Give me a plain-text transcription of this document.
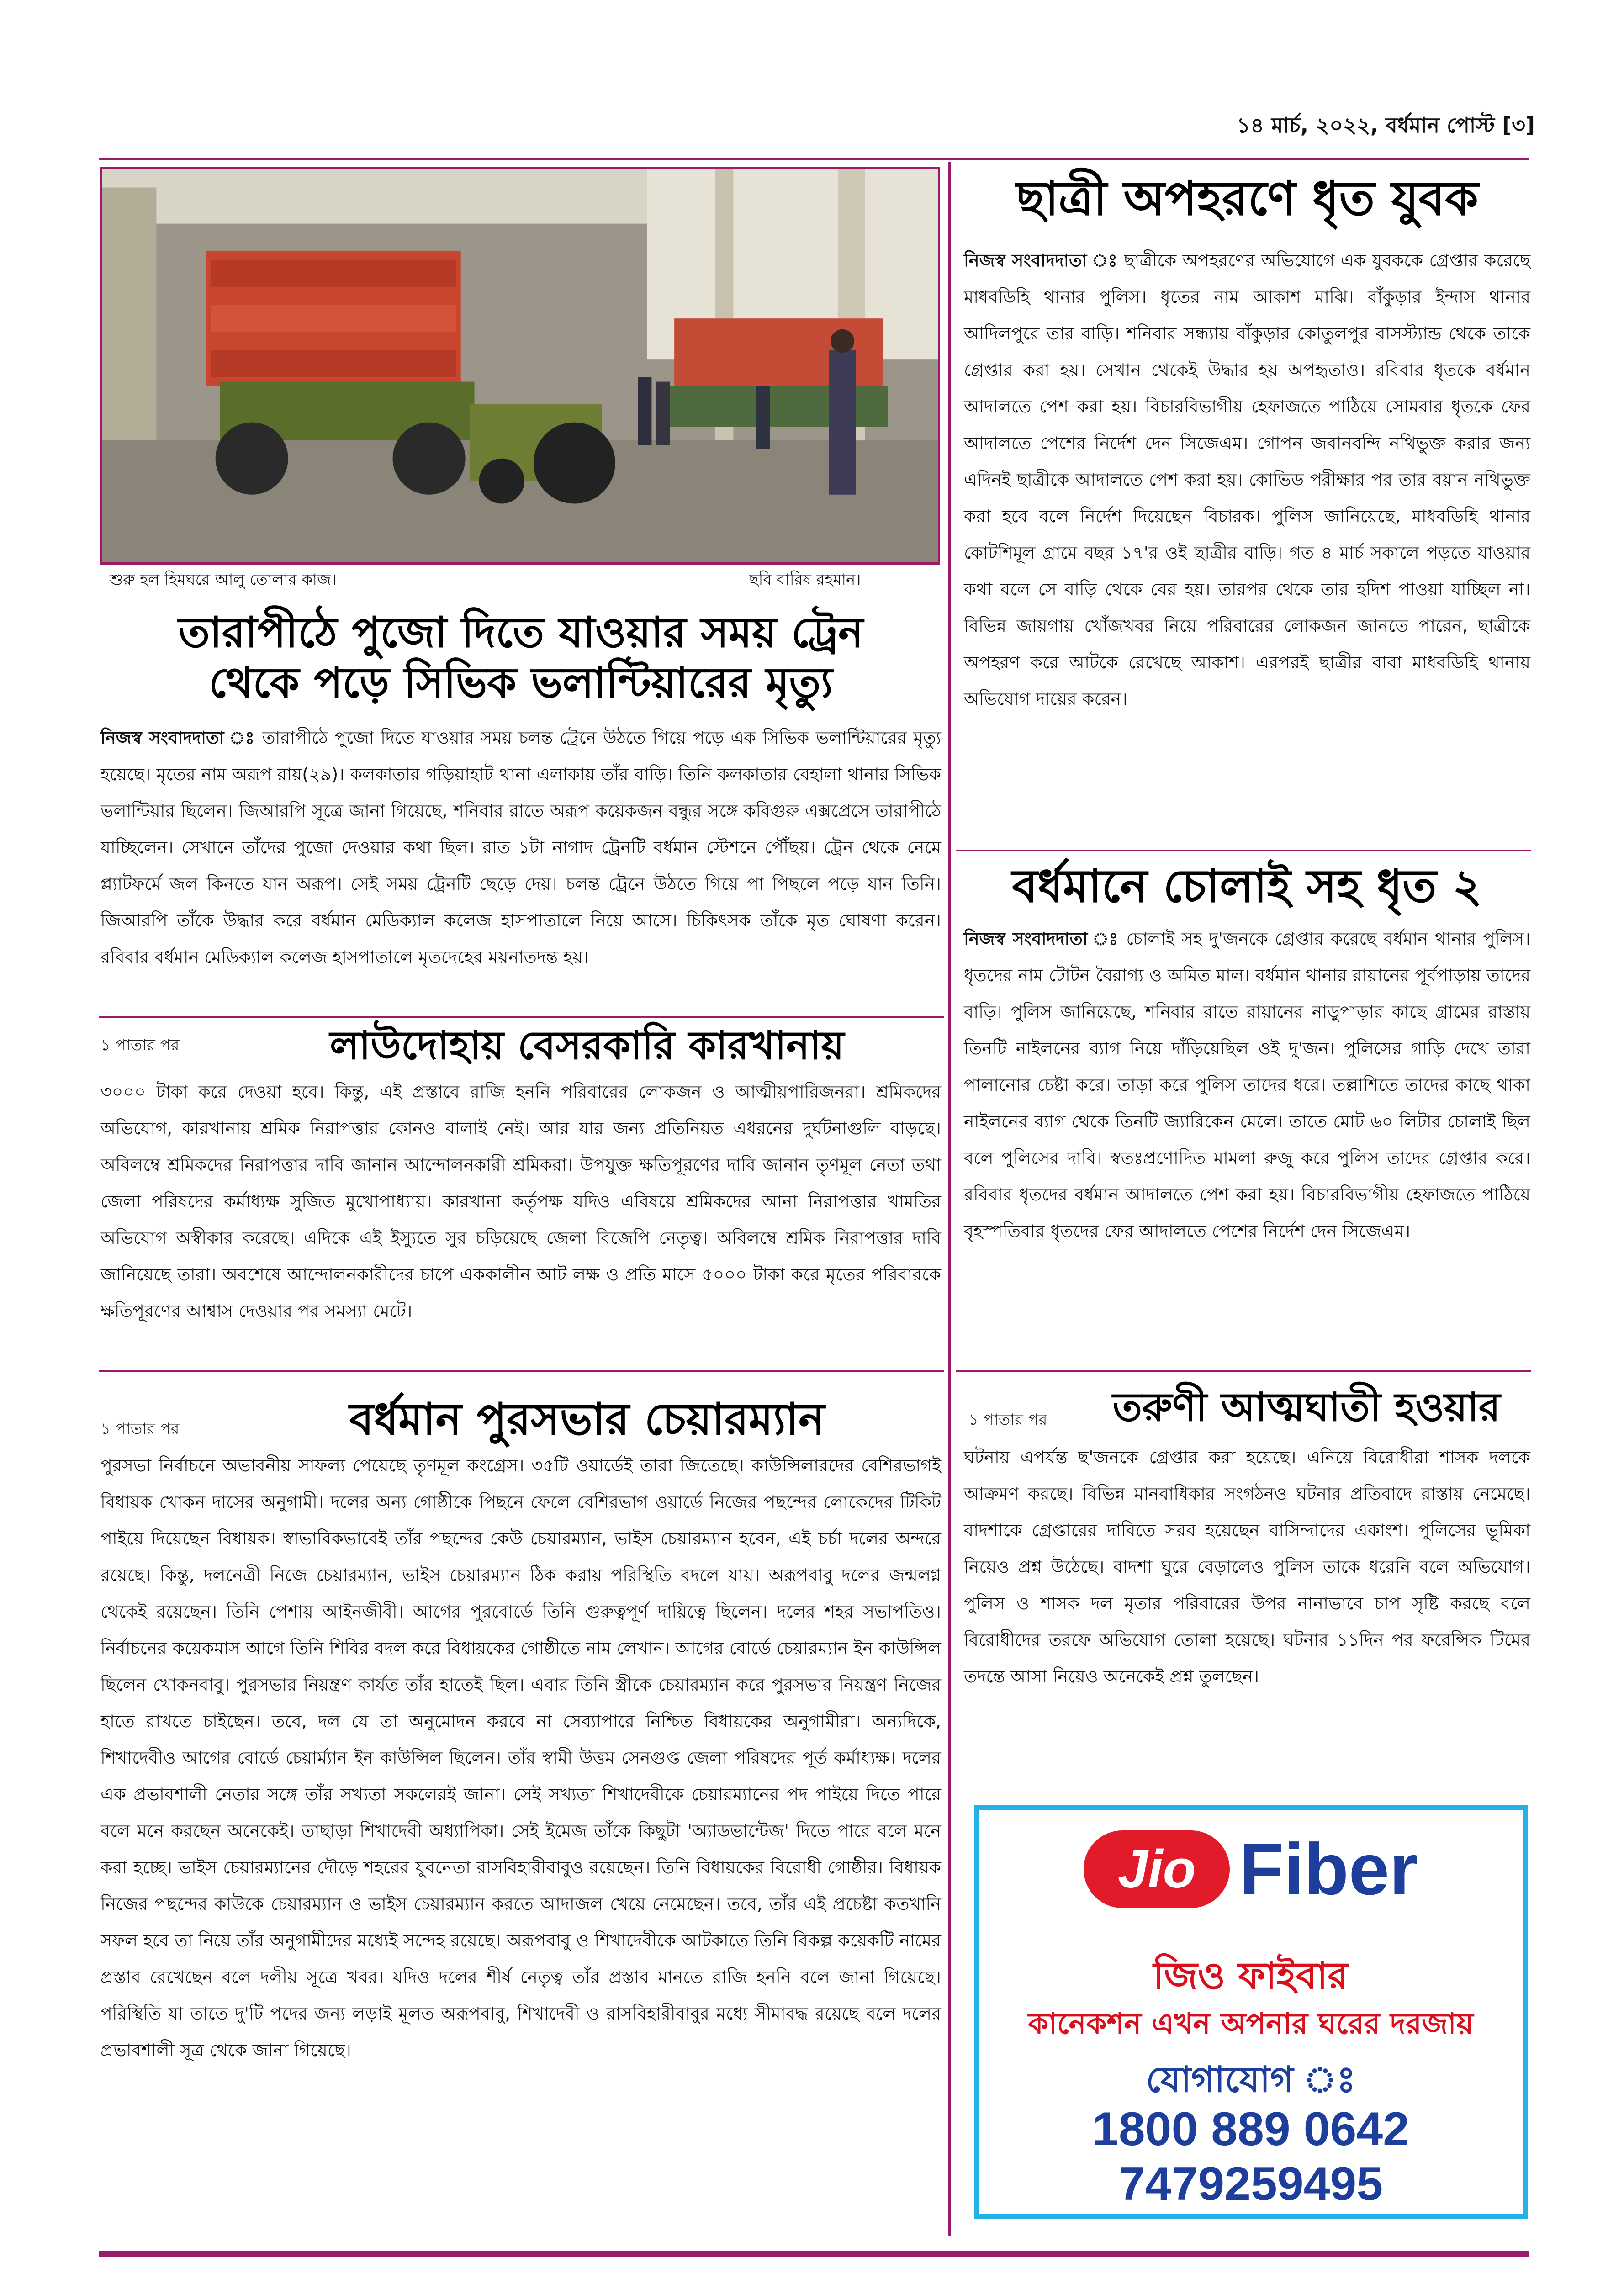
১৪ মার্চ, ২০২২, বর্ধমান পোস্ট [৩]
শুরু হল হিমঘরে আলু তোলার কাজ।	ছবি বারিষ রহমান।
তারাপীঠে পুজো দিতে যাওয়ার সময় ট্রেন
থেকে পড়ে সিভিক ভলান্টিয়ারের মৃত্যু
নিজস্ব সংবাদদাতা ঃ তারাপীঠে পুজো দিতে যাওয়ার সময় চলন্ত ট্রেনে উঠতে গিয়ে পড়ে এক সিভিক ভলান্টিয়ারের মৃত্যু হয়েছে। মৃতের নাম অরূপ রায়(২৯)। কলকাতার গড়িয়াহাট থানা এলাকায় তাঁর বাড়ি। তিনি কলকাতার বেহালা থানার সিভিক ভলান্টিয়ার ছিলেন। জিআরপি সূত্রে জানা গিয়েছে, শনিবার রাতে অরূপ কয়েকজন বন্ধুর সঙ্গে কবিগুরু এক্সপ্রেসে তারাপীঠে যাচ্ছিলেন। সেখানে তাঁদের পুজো দেওয়ার কথা ছিল। রাত ১টা নাগাদ ট্রেনটি বর্ধমান স্টেশনে পৌঁছয়। ট্রেন থেকে নেমে প্ল্যাটফর্মে জল কিনতে যান অরূপ। সেই সময় ট্রেনটি ছেড়ে দেয়। চলন্ত ট্রেনে উঠতে গিয়ে পা পিছলে পড়ে যান তিনি। জিআরপি তাঁকে উদ্ধার করে বর্ধমান মেডিক্যাল কলেজ হাসপাতালে নিয়ে আসে। চিকিৎসক তাঁকে মৃত ঘোষণা করেন। রবিবার বর্ধমান মেডিক্যাল কলেজ হাসপাতালে মৃতদেহের ময়নাতদন্ত হয়।
১ পাতার পর	লাউদোহায় বেসরকারি কারখানায়
৩০০০ টাকা করে দেওয়া হবে। কিন্তু, এই প্রস্তাবে রাজি হননি পরিবারের লোকজন ও আত্মীয়পারিজনরা। শ্রমিকদের অভিযোগ, কারখানায় শ্রমিক নিরাপত্তার কোনও বালাই নেই। আর যার জন্য প্রতিনিয়ত এধরনের দুর্ঘটনাগুলি বাড়ছে। অবিলম্বে শ্রমিকদের নিরাপত্তার দাবি জানান আন্দোলনকারী শ্রমিকরা। উপযুক্ত ক্ষতিপূরণের দাবি জানান তৃণমূল নেতা তথা জেলা পরিষদের কর্মাধ্যক্ষ সুজিত মুখোপাধ্যায়। কারখানা কর্তৃপক্ষ যদিও এবিষয়ে শ্রমিকদের আনা নিরাপত্তার খামতির অভিযোগ অস্বীকার করেছে। এদিকে এই ইস্যুতে সুর চড়িয়েছে জেলা বিজেপি নেতৃত্ব। অবিলম্বে শ্রমিক নিরাপত্তার দাবি জানিয়েছে তারা। অবশেষে আন্দোলনকারীদের চাপে এককালীন আট লক্ষ ও প্রতি মাসে ৫০০০ টাকা করে মৃতের পরিবারকে ক্ষতিপূরণের আশ্বাস দেওয়ার পর সমস্যা মেটে।
১ পাতার পর	বর্ধমান পুরসভার চেয়ারম্যান
পুরসভা নির্বাচনে অভাবনীয় সাফল্য পেয়েছে তৃণমূল কংগ্রেস। ৩৫টি ওয়ার্ডেই তারা জিতেছে। কাউন্সিলারদের বেশিরভাগই বিধায়ক খোকন দাসের অনুগামী। দলের অন্য গোষ্ঠীকে পিছনে ফেলে বেশিরভাগ ওয়ার্ডে নিজের পছন্দের লোকেদের টিকিট পাইয়ে দিয়েছেন বিধায়ক। স্বাভাবিকভাবেই তাঁর পছন্দের কেউ চেয়ারম্যান, ভাইস চেয়ারম্যান হবেন, এই চর্চা দলের অন্দরে রয়েছে। কিন্তু, দলনেত্রী নিজে চেয়ারম্যান, ভাইস চেয়ারম্যান ঠিক করায় পরিস্থিতি বদলে যায়। অরূপবাবু দলের জন্মলগ্ন থেকেই রয়েছেন। তিনি পেশায় আইনজীবী। আগের পুরবোর্ডে তিনি গুরুত্বপূর্ণ দায়িত্বে ছিলেন। দলের শহর সভাপতিও। নির্বাচনের কয়েকমাস আগে তিনি শিবির বদল করে বিধায়কের গোষ্ঠীতে নাম লেখান। আগের বোর্ডে চেয়ারম্যান ইন কাউন্সিল ছিলেন খোকনবাবু। পুরসভার নিয়ন্ত্রণ কার্যত তাঁর হাতেই ছিল। এবার তিনি স্ত্রীকে চেয়ারম্যান করে পুরসভার নিয়ন্ত্রণ নিজের হাতে রাখতে চাইছেন। তবে, দল যে তা অনুমোদন করবে না সেব্যাপারে নিশ্চিত বিধায়কের অনুগামীরা। অন্যদিকে, শিখাদেবীও আগের বোর্ডে চেয়ার্ম্যান ইন কাউন্সিল ছিলেন। তাঁর স্বামী উত্তম সেনগুপ্ত জেলা পরিষদের পূর্ত কর্মাধ্যক্ষ। দলের এক প্রভাবশালী নেতার সঙ্গে তাঁর সখ্যতা সকলেরই জানা। সেই সখ্যতা শিখাদেবীকে চেয়ারম্যানের পদ পাইয়ে দিতে পারে বলে মনে করছেন অনেকেই। তাছাড়া শিখাদেবী অধ্যাপিকা। সেই ইমেজ তাঁকে কিছুটা 'অ্যাডভান্টেজ' দিতে পারে বলে মনে করা হচ্ছে। ভাইস চেয়ারম্যানের দৌড়ে শহরের যুবনেতা রাসবিহারীবাবুও রয়েছেন। তিনি বিধায়কের বিরোধী গোষ্ঠীর। বিধায়ক নিজের পছন্দের কাউকে চেয়ারম্যান ও ভাইস চেয়ারম্যান করতে আদাজল খেয়ে নেমেছেন। তবে, তাঁর এই প্রচেষ্টা কতখানি সফল হবে তা নিয়ে তাঁর অনুগামীদের মধ্যেই সন্দেহ রয়েছে। অরূপবাবু ও শিখাদেবীকে আটকাতে তিনি বিকল্প কয়েকটি নামের প্রস্তাব রেখেছেন বলে দলীয় সূত্রে খবর। যদিও দলের শীর্ষ নেতৃত্ব তাঁর প্রস্তাব মানতে রাজি হননি বলে জানা গিয়েছে। পরিস্থিতি যা তাতে দু'টি পদের জন্য লড়াই মূলত অরূপবাবু, শিখাদেবী ও রাসবিহারীবাবুর মধ্যে সীমাবদ্ধ রয়েছে বলে দলের প্রভাবশালী সূত্র থেকে জানা গিয়েছে।
ছাত্রী অপহরণে ধৃত যুবক
নিজস্ব সংবাদদাতা ঃ ছাত্রীকে অপহরণের অভিযোগে এক যুবককে গ্রেপ্তার করেছে মাধবডিহি থানার পুলিস। ধৃতের নাম আকাশ মাঝি। বাঁকুড়ার ইন্দাস থানার আদিলপুরে তার বাড়ি। শনিবার সন্ধ্যায় বাঁকুড়ার কোতুলপুর বাসস্ট্যান্ড থেকে তাকে গ্রেপ্তার করা হয়। সেখান থেকেই উদ্ধার হয় অপহৃতাও। রবিবার ধৃতকে বর্ধমান আদালতে পেশ করা হয়। বিচারবিভাগীয় হেফাজতে পাঠিয়ে সোমবার ধৃতকে ফের আদালতে পেশের নির্দেশ দেন সিজেএম। গোপন জবানবন্দি নথিভুক্ত করার জন্য এদিনই ছাত্রীকে আদালতে পেশ করা হয়। কোভিড পরীক্ষার পর তার বয়ান নথিভুক্ত করা হবে বলে নির্দেশ দিয়েছেন বিচারক। পুলিস জানিয়েছে, মাধবডিহি থানার কোটশিমূল গ্রামে বছর ১৭'র ওই ছাত্রীর বাড়ি। গত ৪ মার্চ সকালে পড়তে যাওয়ার কথা বলে সে বাড়ি থেকে বের হয়। তারপর থেকে তার হদিশ পাওয়া যাচ্ছিল না। বিভিন্ন জায়গায় খোঁজখবর নিয়ে পরিবারের লোকজন জানতে পারেন, ছাত্রীকে অপহরণ করে আটকে রেখেছে আকাশ। এরপরই ছাত্রীর বাবা মাধবডিহি থানায় অভিযোগ দায়ের করেন।
বর্ধমানে চোলাই সহ ধৃত ২
নিজস্ব সংবাদদাতা ঃ চোলাই সহ দু'জনকে গ্রেপ্তার করেছে বর্ধমান থানার পুলিস। ধৃতদের নাম টোটন বৈরাগ্য ও অমিত মাল। বর্ধমান থানার রায়ানের পূর্বপাড়ায় তাদের বাড়ি। পুলিস জানিয়েছে, শনিবার রাতে রায়ানের নাড়ুপাড়ার কাছে গ্রামের রাস্তায় তিনটি নাইলনের ব্যাগ নিয়ে দাঁড়িয়েছিল ওই দু'জন। পুলিসের গাড়ি দেখে তারা পালানোর চেষ্টা করে। তাড়া করে পুলিস তাদের ধরে। তল্লাশিতে তাদের কাছে থাকা নাইলনের ব্যাগ থেকে তিনটি জ্যারিকেন মেলে। তাতে মোট ৬০ লিটার চোলাই ছিল বলে পুলিসের দাবি। স্বতঃপ্রণোদিত মামলা রুজু করে পুলিস তাদের গ্রেপ্তার করে। রবিবার ধৃতদের বর্ধমান আদালতে পেশ করা হয়। বিচারবিভাগীয় হেফাজতে পাঠিয়ে বৃহস্পতিবার ধৃতদের ফের আদালতে পেশের নির্দেশ দেন সিজেএম।
১ পাতার পর	তরুণী আত্মঘাতী হওয়ার
ঘটনায় এপর্যন্ত ছ'জনকে গ্রেপ্তার করা হয়েছে। এনিয়ে বিরোধীরা শাসক দলকে আক্রমণ করছে। বিভিন্ন মানবাধিকার সংগঠনও ঘটনার প্রতিবাদে রাস্তায় নেমেছে। বাদশাকে গ্রেপ্তারের দাবিতে সরব হয়েছেন বাসিন্দাদের একাংশ। পুলিসের ভূমিকা নিয়েও প্রশ্ন উঠেছে। বাদশা ঘুরে বেড়ালেও পুলিস তাকে ধরেনি বলে অভিযোগ। পুলিস ও শাসক দল মৃতার পরিবারের উপর নানাভাবে চাপ সৃষ্টি করছে বলে বিরোধীদের তরফে অভিযোগ তোলা হয়েছে। ঘটনার ১১দিন পর ফরেন্সিক টিমের তদন্তে আসা নিয়েও অনেকেই প্রশ্ন তুলছেন।
Jio Fiber
জিও ফাইবার
কানেকশন এখন অপনার ঘরের দরজায়
যোগাযোগ ঃ
1800 889 0642
7479259495
